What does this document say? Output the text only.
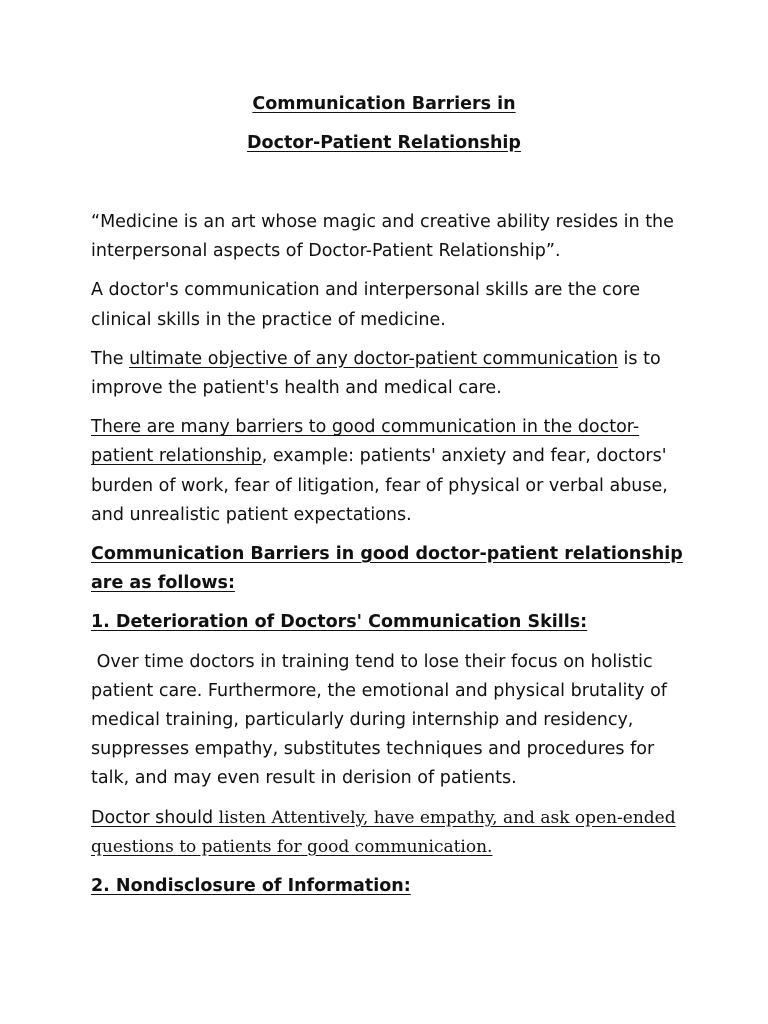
Communication Barriers in
Doctor-Patient Relationship

“Medicine is an art whose magic and creative ability resides in the interpersonal aspects of Doctor-Patient Relationship”.

A doctor's communication and interpersonal skills are the core clinical skills in the practice of medicine.

The ultimate objective of any doctor-patient communication is to improve the patient's health and medical care.

There are many barriers to good communication in the doctor-patient relationship, example: patients' anxiety and fear, doctors' burden of work, fear of litigation, fear of physical or verbal abuse, and unrealistic patient expectations.

Communication Barriers in good doctor-patient relationship are as follows:

1. Deterioration of Doctors' Communication Skills:

Over time doctors in training tend to lose their focus on holistic patient care. Furthermore, the emotional and physical brutality of medical training, particularly during internship and residency, suppresses empathy, substitutes techniques and procedures for talk, and may even result in derision of patients.

Doctor should listen Attentively, have empathy, and ask open-ended questions to patients for good communication.

2. Nondisclosure of Information:
